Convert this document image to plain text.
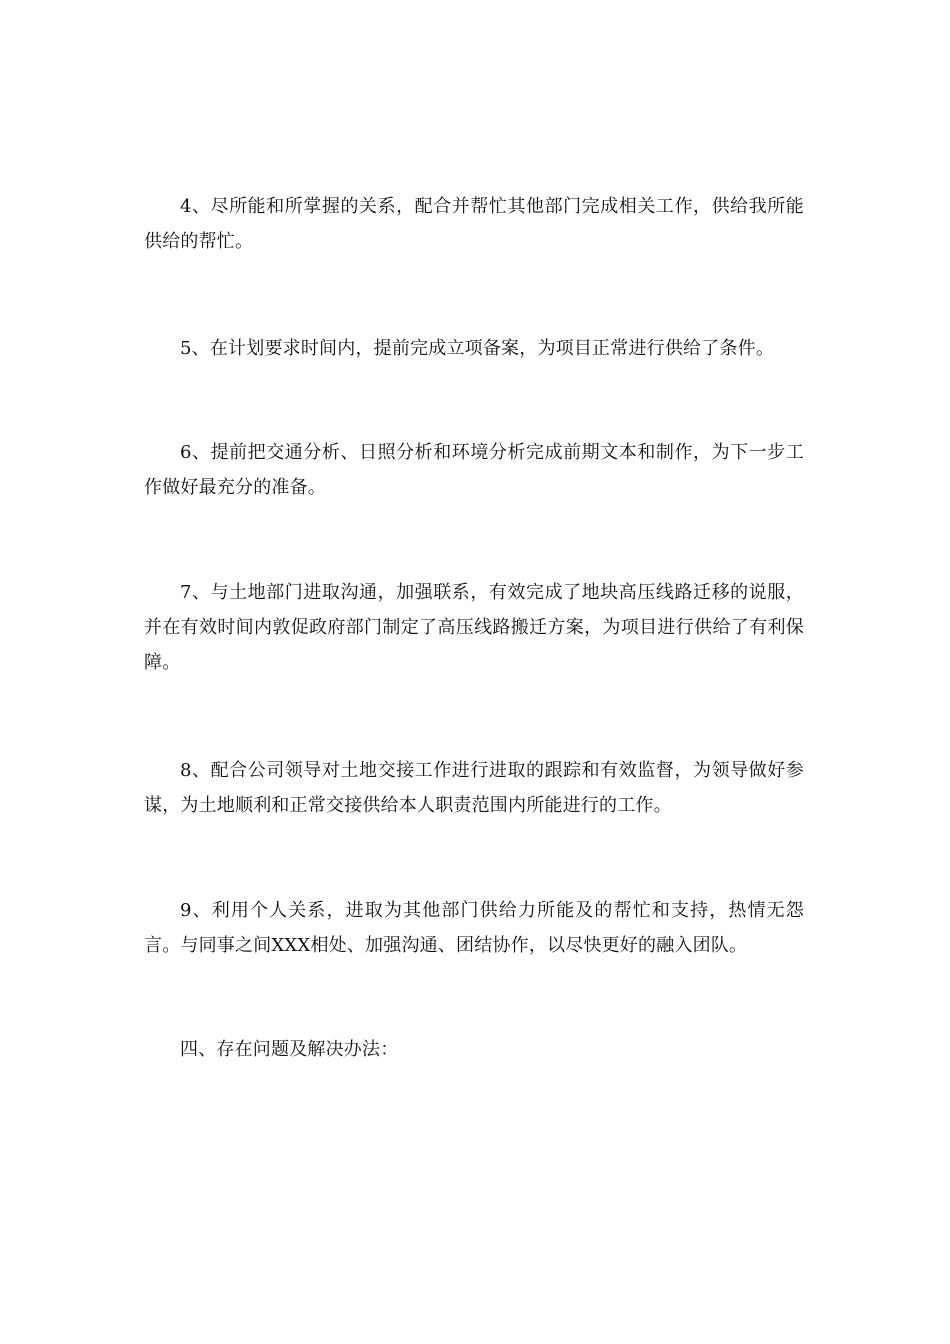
4、尽所能和所掌握的关系，配合并帮忙其他部门完成相关工作，供给我所能供给的帮忙。

5、在计划要求时间内，提前完成立项备案，为项目正常进行供给了条件。

6、提前把交通分析、日照分析和环境分析完成前期文本和制作，为下一步工作做好最充分的准备。

7、与土地部门进取沟通，加强联系，有效完成了地块高压线路迁移的说服，并在有效时间内敦促政府部门制定了高压线路搬迁方案，为项目进行供给了有利保障。

8、配合公司领导对土地交接工作进行进取的跟踪和有效监督，为领导做好参谋，为土地顺利和正常交接供给本人职责范围内所能进行的工作。

9、利用个人关系，进取为其他部门供给力所能及的帮忙和支持，热情无怨言。与同事之间XXX相处、加强沟通、团结协作，以尽快更好的融入团队。

四、存在问题及解决办法：
